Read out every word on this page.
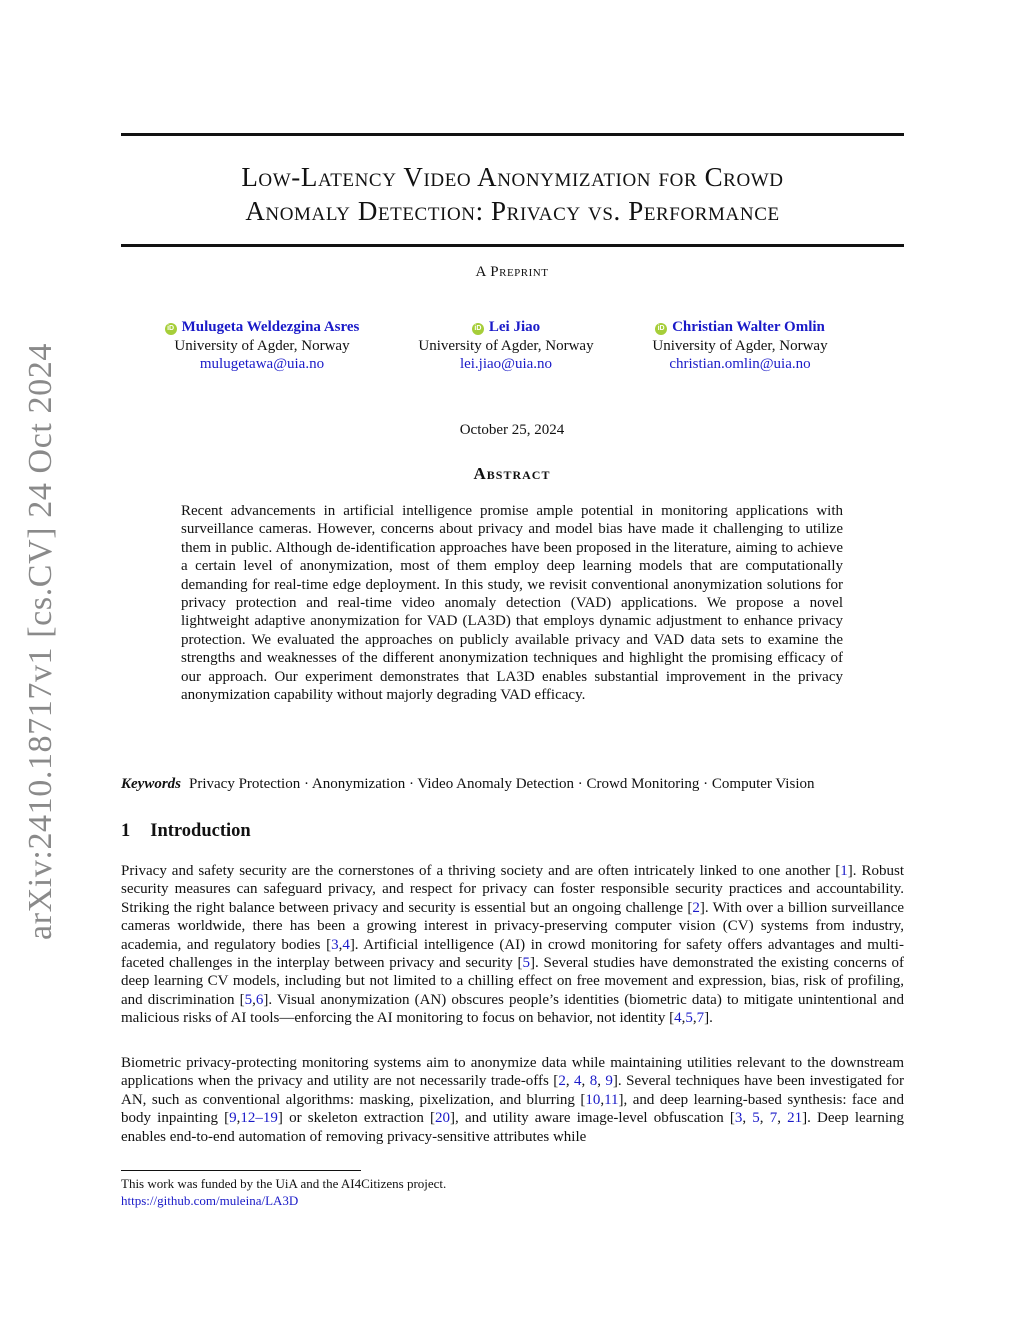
arXiv:2410.18717v1 [cs.CV] 24 Oct 2024
Low-Latency Video Anonymization for Crowd
Anomaly Detection: Privacy vs. Performance
A Preprint
iD Mulugeta Weldezgina Asres
University of Agder, Norway
mulugetawa@uia.no
iD Lei Jiao
University of Agder, Norway
lei.jiao@uia.no
iD Christian Walter Omlin
University of Agder, Norway
christian.omlin@uia.no
October 25, 2024
Abstract
Recent advancements in artificial intelligence promise ample potential in monitoring applications with surveillance cameras. However, concerns about privacy and model bias have made it challenging to utilize them in public. Although de-identification approaches have been proposed in the literature, aiming to achieve a certain level of anonymization, most of them employ deep learning models that are computationally demanding for real-time edge deployment. In this study, we revisit conventional anonymization solutions for privacy protection and real-time video anomaly detection (VAD) applications. We propose a novel lightweight adaptive anonymization for VAD (LA3D) that employs dynamic adjustment to enhance privacy protection. We evaluated the approaches on publicly available privacy and VAD data sets to examine the strengths and weaknesses of the different anonymization techniques and highlight the promising efficacy of our approach. Our experiment demonstrates that LA3D enables substantial improvement in the privacy anonymization capability without majorly degrading VAD efficacy.
Keywords Privacy Protection · Anonymization · Video Anomaly Detection · Crowd Monitoring · Computer Vision
1 Introduction
Privacy and safety security are the cornerstones of a thriving society and are often intricately linked to one another [1]. Robust security measures can safeguard privacy, and respect for privacy can foster responsible security practices and accountability. Striking the right balance between privacy and security is essential but an ongoing challenge [2]. With over a billion surveillance cameras worldwide, there has been a growing interest in privacy-preserving computer vision (CV) systems from industry, academia, and regulatory bodies [3,4]. Artificial intelligence (AI) in crowd monitoring for safety offers advantages and multi-faceted challenges in the interplay between privacy and security [5]. Several studies have demonstrated the existing concerns of deep learning CV models, including but not limited to a chilling effect on free movement and expression, bias, risk of profiling, and discrimination [5,6]. Visual anonymization (AN) obscures people’s identities (biometric data) to mitigate unintentional and malicious risks of AI tools—enforcing the AI monitoring to focus on behavior, not identity [4,5,7].
Biometric privacy-protecting monitoring systems aim to anonymize data while maintaining utilities relevant to the downstream applications when the privacy and utility are not necessarily trade-offs [2, 4, 8, 9]. Several techniques have been investigated for AN, such as conventional algorithms: masking, pixelization, and blurring [10,11], and deep learning-based synthesis: face and body inpainting [9,12–19] or skeleton extraction [20], and utility aware image-level obfuscation [3, 5, 7, 21]. Deep learning enables end-to-end automation of removing privacy-sensitive attributes while
This work was funded by the UiA and the AI4Citizens project.
https://github.com/muleina/LA3D
